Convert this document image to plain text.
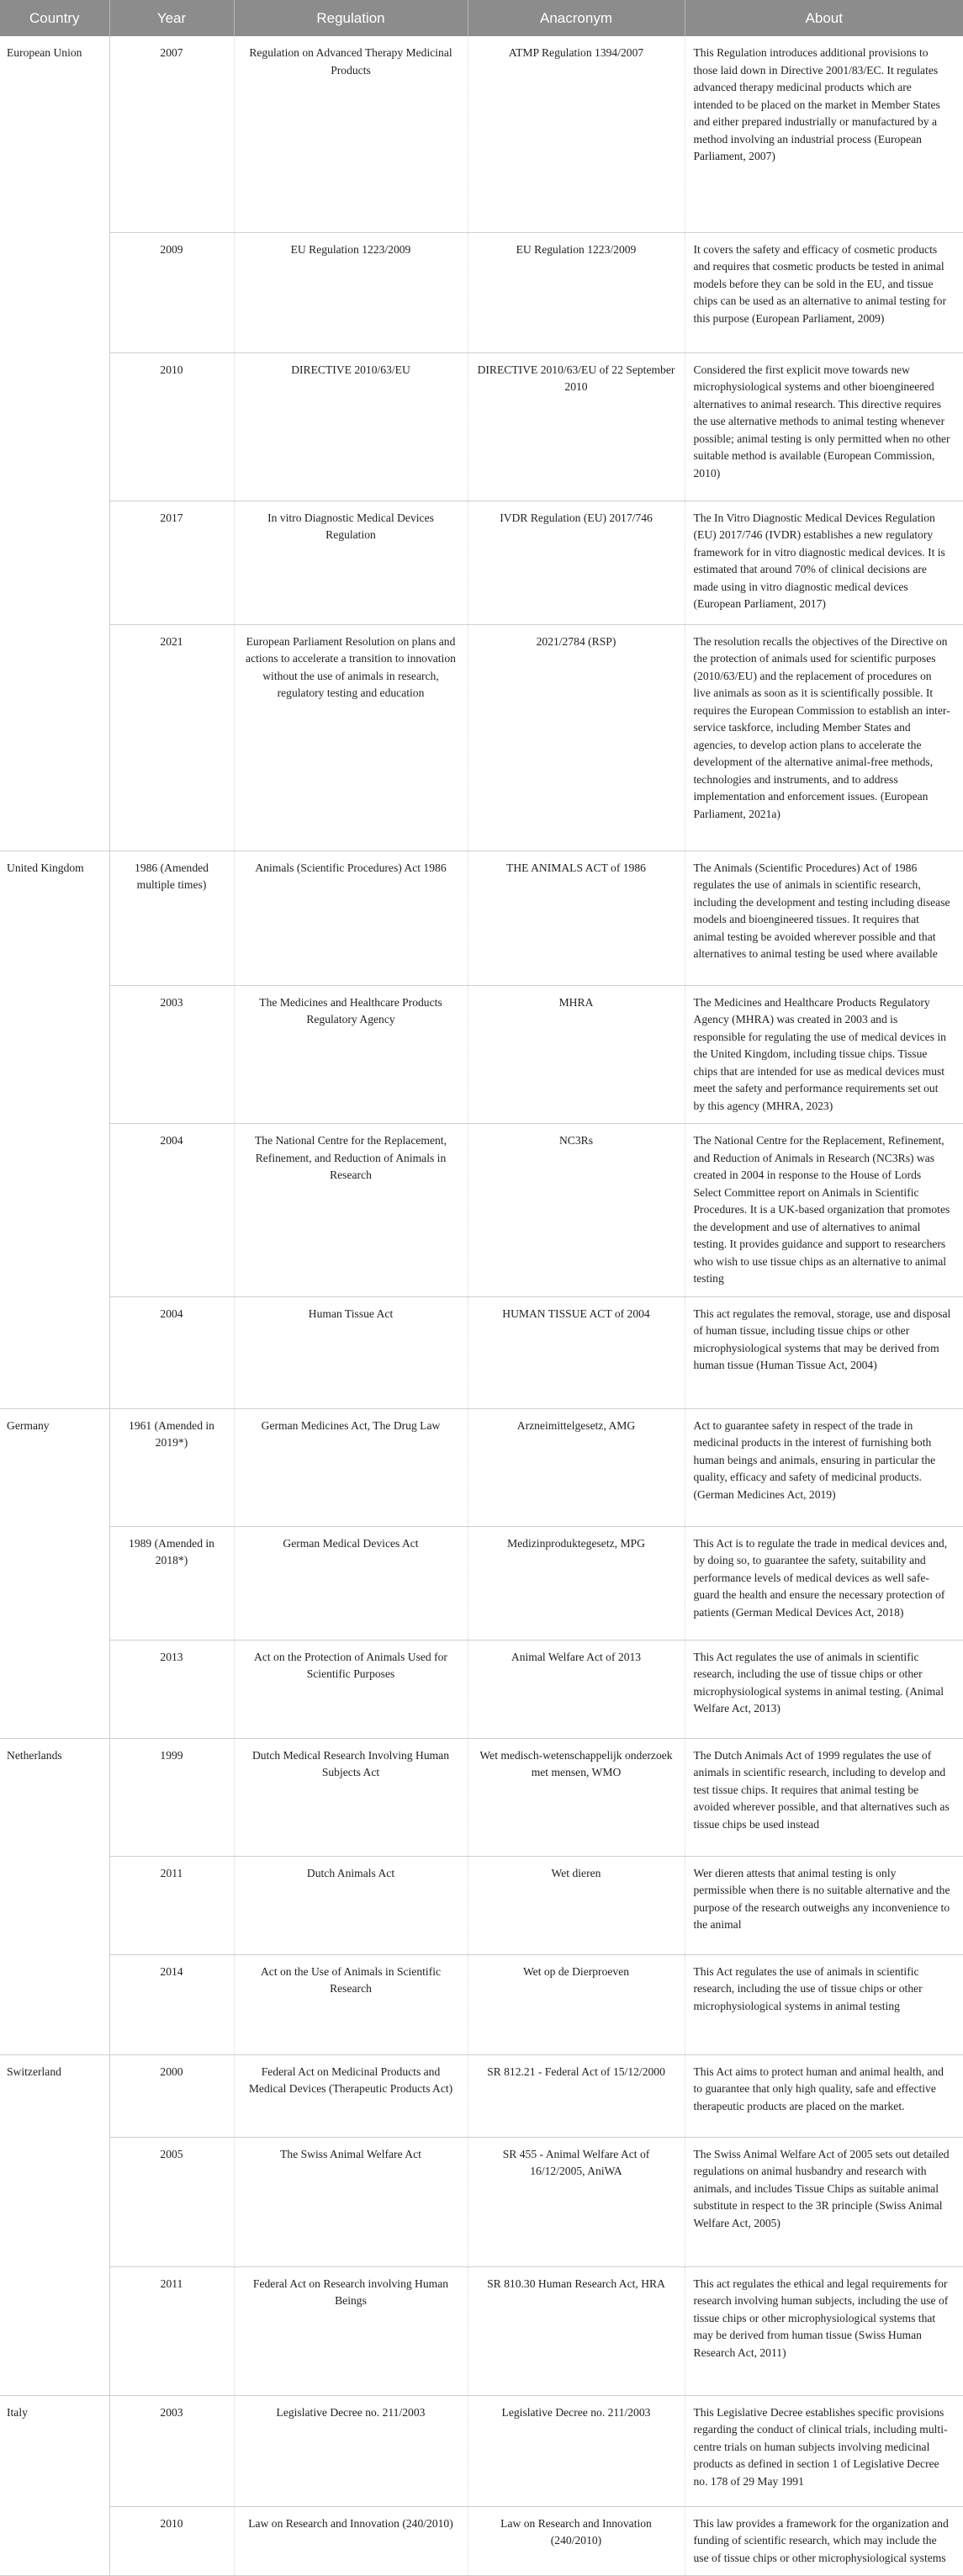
Country	Year	Regulation	Anacronym	About
European Union	2007	Regulation on Advanced Therapy Medicinal Products	ATMP Regulation 1394/2007	This Regulation introduces additional provisions to those laid down in Directive 2001/83/EC. It regulates advanced therapy medicinal products which are intended to be placed on the market in Member States and either prepared industrially or manufactured by a method involving an industrial process (European Parliament, 2007)
	2009	EU Regulation 1223/2009	EU Regulation 1223/2009	It covers the safety and efficacy of cosmetic products and requires that cosmetic products be tested in animal models before they can be sold in the EU, and tissue chips can be used as an alternative to animal testing for this purpose (European Parliament, 2009)
	2010	DIRECTIVE 2010/63/EU	DIRECTIVE 2010/63/EU of 22 September 2010	Considered the first explicit move towards new microphysiological systems and other bioengineered alternatives to animal research. This directive requires the use alternative methods to animal testing whenever possible; animal testing is only permitted when no other suitable method is available (European Commission, 2010)
	2017	In vitro Diagnostic Medical Devices Regulation	IVDR Regulation (EU) 2017/746	The In Vitro Diagnostic Medical Devices Regulation (EU) 2017/746 (IVDR) establishes a new regulatory framework for in vitro diagnostic medical devices. It is estimated that around 70% of clinical decisions are made using in vitro diagnostic medical devices (European Parliament, 2017)
	2021	European Parliament Resolution on plans and actions to accelerate a transition to innovation without the use of animals in research, regulatory testing and education	2021/2784 (RSP)	The resolution recalls the objectives of the Directive on the protection of animals used for scientific purposes (2010/63/EU) and the replacement of procedures on live animals as soon as it is scientifically possible. It requires the European Commission to establish an inter-service taskforce, including Member States and agencies, to develop action plans to accelerate the development of the alternative animal-free methods, technologies and instruments, and to address implementation and enforcement issues. (European Parliament, 2021a)
United Kingdom	1986 (Amended multiple times)	Animals (Scientific Procedures) Act 1986	THE ANIMALS ACT of 1986	The Animals (Scientific Procedures) Act of 1986 regulates the use of animals in scientific research, including the development and testing including disease models and bioengineered tissues. It requires that animal testing be avoided wherever possible and that alternatives to animal testing be used where available
	2003	The Medicines and Healthcare Products Regulatory Agency	MHRA	The Medicines and Healthcare Products Regulatory Agency (MHRA) was created in 2003 and is responsible for regulating the use of medical devices in the United Kingdom, including tissue chips. Tissue chips that are intended for use as medical devices must meet the safety and performance requirements set out by this agency (MHRA, 2023)
	2004	The National Centre for the Replacement, Refinement, and Reduction of Animals in Research	NC3Rs	The National Centre for the Replacement, Refinement, and Reduction of Animals in Research (NC3Rs) was created in 2004 in response to the House of Lords Select Committee report on Animals in Scientific Procedures. It is a UK-based organization that promotes the development and use of alternatives to animal testing. It provides guidance and support to researchers who wish to use tissue chips as an alternative to animal testing
	2004	Human Tissue Act	HUMAN TISSUE ACT of 2004	This act regulates the removal, storage, use and disposal of human tissue, including tissue chips or other microphysiological systems that may be derived from human tissue (Human Tissue Act, 2004)
Germany	1961 (Amended in 2019*)	German Medicines Act, The Drug Law	Arzneimittelgesetz, AMG	Act to guarantee safety in respect of the trade in medicinal products in the interest of furnishing both human beings and animals, ensuring in particular the quality, efficacy and safety of medicinal products. (German Medicines Act, 2019)
	1989 (Amended in 2018*)	German Medical Devices Act	Medizinproduktegesetz, MPG	This Act is to regulate the trade in medical devices and, by doing so, to guarantee the safety, suitability and performance levels of medical devices as well safe- guard the health and ensure the necessary protection of patients (German Medical Devices Act, 2018)
	2013	Act on the Protection of Animals Used for Scientific Purposes	Animal Welfare Act of 2013	This Act regulates the use of animals in scientific research, including the use of tissue chips or other microphysiological systems in animal testing. (Animal Welfare Act, 2013)
Netherlands	1999	Dutch Medical Research Involving Human Subjects Act	Wet medisch-wetenschappelijk onderzoek met mensen, WMO	The Dutch Animals Act of 1999 regulates the use of animals in scientific research, including to develop and test tissue chips. It requires that animal testing be avoided wherever possible, and that alternatives such as tissue chips be used instead
	2011	Dutch Animals Act	Wet dieren	Wer dieren attests that animal testing is only permissible when there is no suitable alternative and the purpose of the research outweighs any inconvenience to the animal
	2014	Act on the Use of Animals in Scientific Research	Wet op de Dierproeven	This Act regulates the use of animals in scientific research, including the use of tissue chips or other microphysiological systems in animal testing
Switzerland	2000	Federal Act on Medicinal Products and Medical Devices (Therapeutic Products Act)	SR 812.21 - Federal Act of 15/12/2000	This Act aims to protect human and animal health, and to guarantee that only high quality, safe and effective therapeutic products are placed on the market.
	2005	The Swiss Animal Welfare Act	SR 455 - Animal Welfare Act of 16/12/2005, AniWA	The Swiss Animal Welfare Act of 2005 sets out detailed regulations on animal husbandry and research with animals, and includes Tissue Chips as suitable animal substitute in respect to the 3R principle (Swiss Animal Welfare Act, 2005)
	2011	Federal Act on Research involving Human Beings	SR 810.30 Human Research Act, HRA	This act regulates the ethical and legal requirements for research involving human subjects, including the use of tissue chips or other microphysiological systems that may be derived from human tissue (Swiss Human Research Act, 2011)
Italy	2003	Legislative Decree no. 211/2003	Legislative Decree no. 211/2003	This Legislative Decree establishes specific provisions regarding the conduct of clinical trials, including multi-centre trials on human subjects involving medicinal products as defined in section 1 of Legislative Decree no. 178 of 29 May 1991
	2010	Law on Research and Innovation (240/2010)	Law on Research and Innovation (240/2010)	This law provides a framework for the organization and funding of scientific research, which may include the use of tissue chips or other microphysiological systems
